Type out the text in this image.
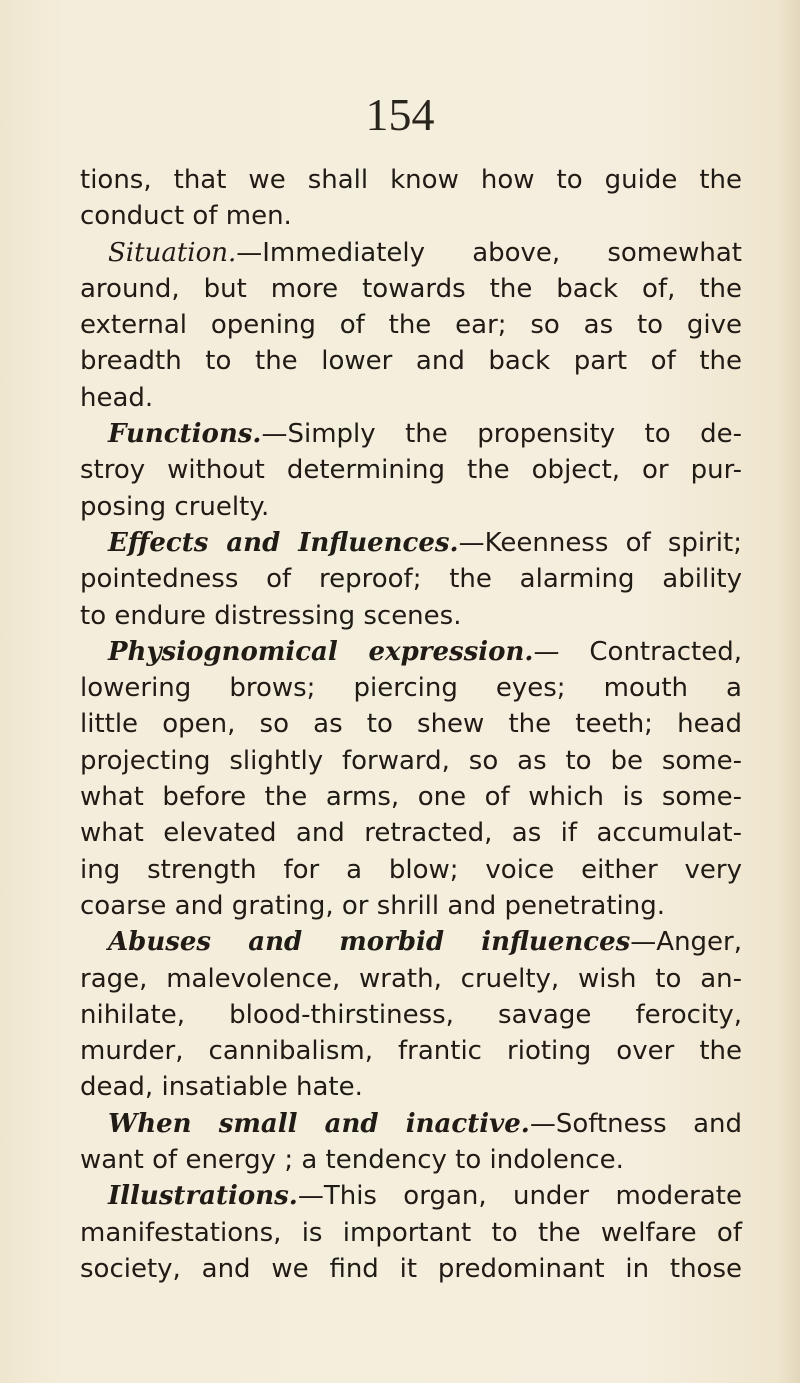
154
tions, that we shall know how to guide the
conduct of men.
Situation.—Immediately above, somewhat
around, but more towards the back of, the
external opening of the ear; so as to give
breadth to the lower and back part of the
head.
Functions.—Simply the propensity to de-
stroy without determining the object, or pur-
posing cruelty.
Effects and Influences.—Keenness of spirit;
pointedness of reproof; the alarming ability
to endure distressing scenes.
Physiognomical expression.— Contracted,
lowering brows; piercing eyes; mouth a
little open, so as to shew the teeth; head
projecting slightly forward, so as to be some-
what before the arms, one of which is some-
what elevated and retracted, as if accumulat-
ing strength for a blow; voice either very
coarse and grating, or shrill and penetrating.
Abuses and morbid influences—Anger,
rage, malevolence, wrath, cruelty, wish to an-
nihilate, blood-thirstiness, savage ferocity,
murder, cannibalism, frantic rioting over the
dead, insatiable hate.
When small and inactive.—Softness and
want of energy ; a tendency to indolence.
Illustrations.—This organ, under moderate
manifestations, is important to the welfare of
society, and we find it predominant in those
